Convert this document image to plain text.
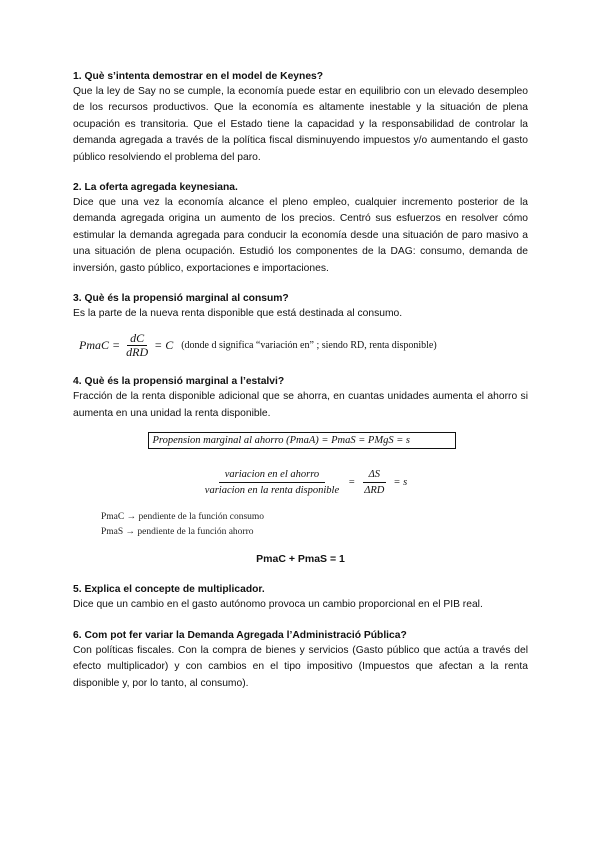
1. Què s’intenta demostrar en el model de Keynes?

Que la ley de Say no se cumple, la economía puede estar en equilibrio con un elevado desempleo de los recursos productivos. Que la economía es altamente inestable y la situación de plena ocupación es transitoria. Que el Estado tiene la capacidad y la responsabilidad de controlar la demanda agregada a través de la política fiscal disminuyendo impuestos y/o aumentando el gasto público resolviendo el problema del paro.

2. La oferta agregada keynesiana.

Dice que una vez la economía alcance el pleno empleo, cualquier incremento posterior de la demanda agregada origina un aumento de los precios. Centró sus esfuerzos en resolver cómo estimular la demanda agregada para conducir la economía desde una situación de paro masivo a una situación de plena ocupación. Estudió los componentes de la DAG: consumo, demanda de inversión, gasto público, exportaciones e importaciones.

3. Què és la propensió marginal al consum?

Es la parte de la nueva renta disponible que está destinada al consumo.

PmaC = $\frac{dC}{\text{dRD}} = C$ (donde d significa “variación en” ; siendo RD, renta disponible)

4. Què és la propensió marginal a l’estalvi?

Fracción de la renta disponible adicional que se ahorra, en cuantas unidades aumenta el ahorro si aumenta en una unidad la renta disponible.

Propension marginal al ahorro (PmaA) = PmaS = PMgS = s
$\frac{\text{variacion en el ahorro}}{\text{variacion en la renta disponible}} = \frac{\Delta S}{\text{ΔRD}} = s$
PmaC → pendiente de la función consumo
PmaS → pendiente de la función ahorro
PmaC + PmaS = 1

5. Explica el concepte de multiplicador.

Dice que un cambio en el gasto autónomo provoca un cambio proporcional en el PIB real.

6. Com pot fer variar la Demanda Agregada l’Administració Pública?

Con políticas fiscales. Con la compra de bienes y servicios (Gasto público que actúa a través del efecto multiplicador) y con cambios en el tipo impositivo (Impuestos que afectan a la renta disponible y, por lo tanto, al consumo).
